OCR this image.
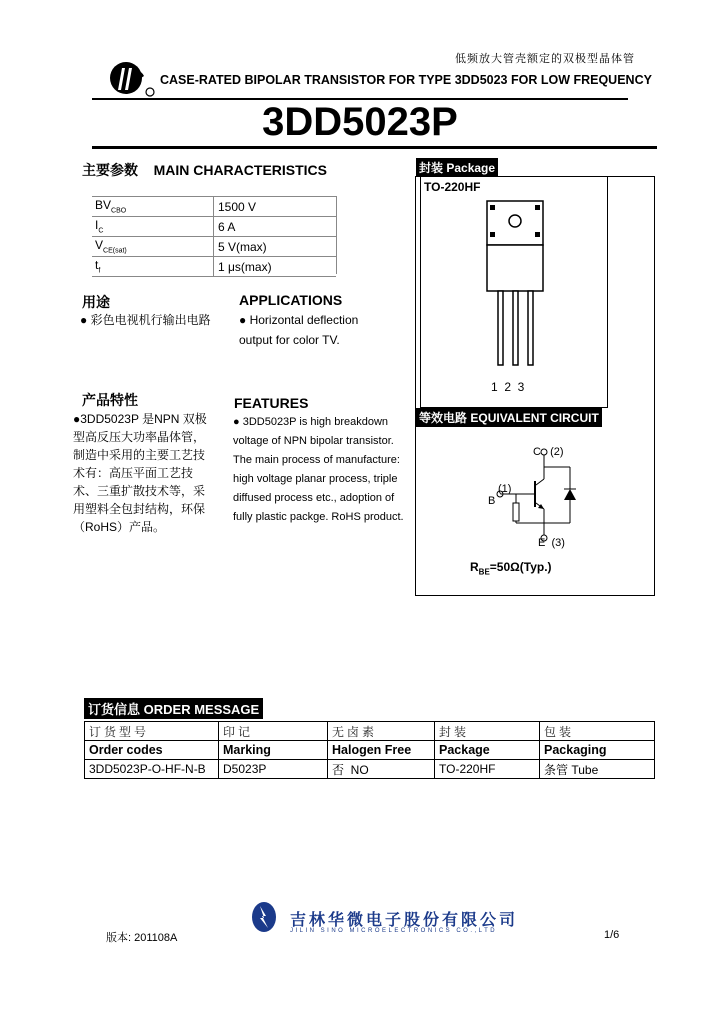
低频放大管壳额定的双极型晶体管
CASE-RATED BIPOLAR TRANSISTOR FOR TYPE 3DD5023 FOR LOW FREQUENCY
3DD5023P
主要参数 MAIN CHARACTERISTICS
$BV_{CBO}$	1500 V
$I_C$	6 A
$V_{CE(sat)}$	5 V(max)
$t_f$	1 μs(max)
用途
● 彩色电视机行输出电路
APPLICATIONS
● Horizontal deflection
output for color TV.
产品特性
●3DD5023P 是NPN 双极型高反压大功率晶体管，制造中采用的主要工艺技术有：高压平面工艺技术、三重扩散技术等，采用塑料全包封结构，环保（RoHS）产品。
FEATURES
● 3DD5023P is high breakdown voltage of NPN bipolar transistor. The main process of manufacture: high voltage planar process, triple diffused process etc., adoption of fully plastic packge. RoHS product.
封装 Package
TO-220HF
1  2  3
等效电路 EQUIVALENT CIRCUIT
C (2)
(1)
B
E (3)
$R_{BE}=50\Omega(Typ.)$
订货信息 ORDER MESSAGE
订货型号	印记	无卤素	封装	包装
Order codes	Marking	Halogen Free	Package	Packaging
3DD5023P-O-HF-N-B	D5023P	否  NO	TO-220HF	条管 Tube
版本: 201108A
吉林华微电子股份有限公司
JILIN SINO MICROELECTRONICS CO.,LTD	1/6
